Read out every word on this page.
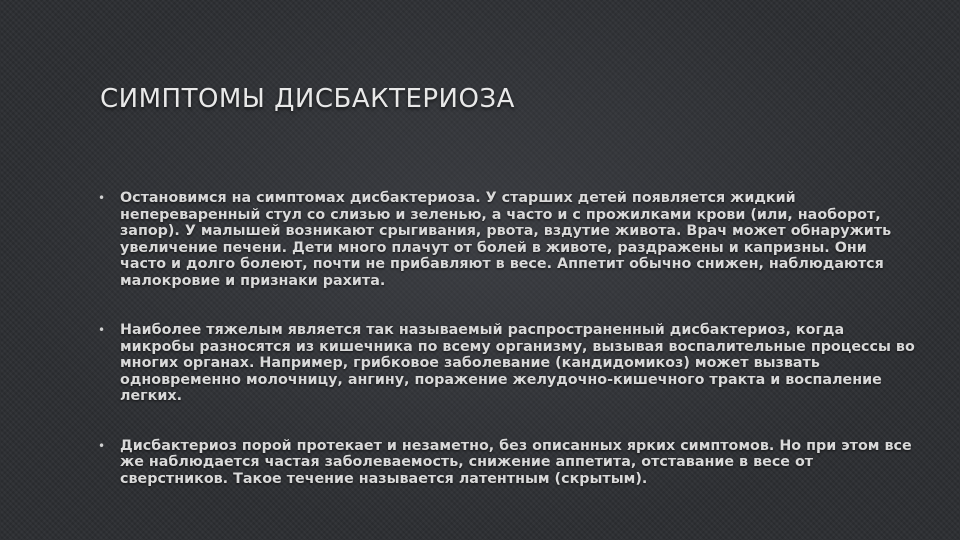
СИМПТОМЫ ДИСБАКТЕРИОЗА
• Остановимся на симптомах дисбактериоза. У старших детей появляется жидкий непереваренный стул со слизью и зеленью, а часто и с прожилками крови (или, наоборот, запор). У малышей возникают срыгивания, рвота, вздутие живота. Врач может обнаружить увеличение печени. Дети много плачут от болей в животе, раздражены и капризны. Они часто и долго болеют, почти не прибавляют в весе. Аппетит обычно снижен, наблюдаются малокровие и признаки рахита.
• Наиболее тяжелым является так называемый распространенный дисбактериоз, когда микробы разносятся из кишечника по всему организму, вызывая воспалительные процессы во многих органах. Например, грибковое заболевание (кандидомикоз) может вызвать одновременно молочницу, ангину, поражение желудочно-кишечного тракта и воспаление легких.
• Дисбактериоз порой протекает и незаметно, без описанных ярких симптомов. Но при этом все же наблюдается частая заболеваемость, снижение аппетита, отставание в весе от сверстников. Такое течение называется латентным (скрытым).
